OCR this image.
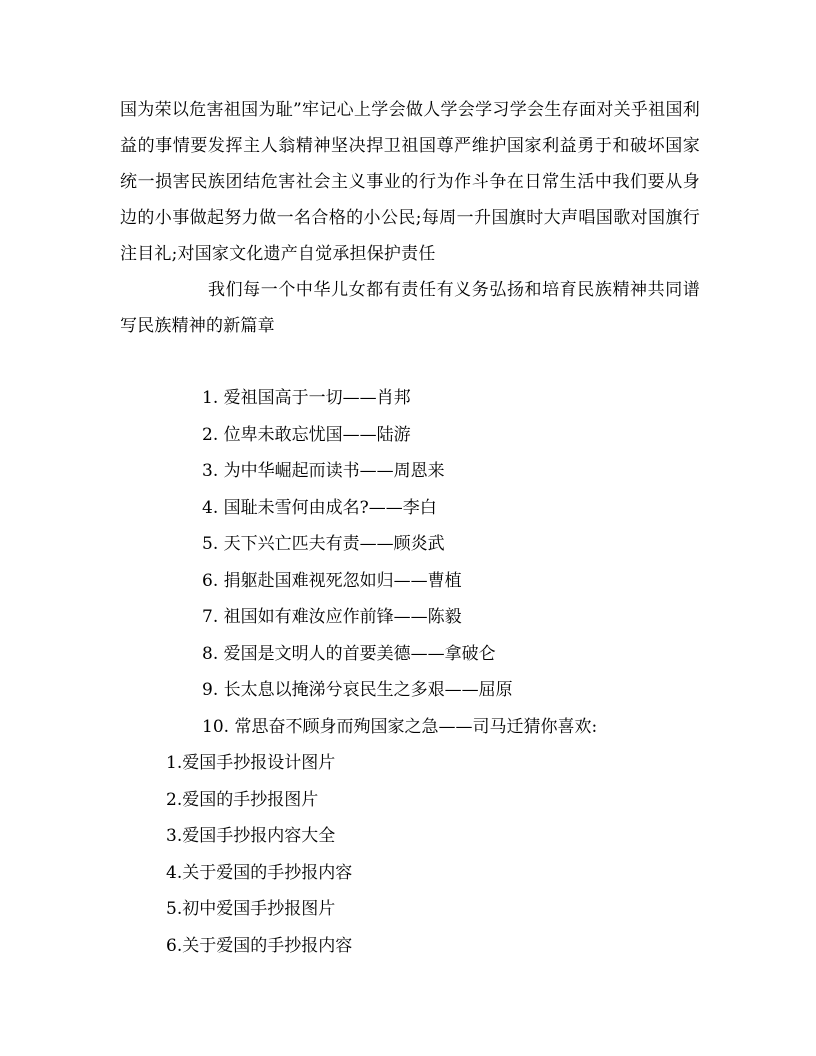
国为荣以危害祖国为耻”牢记心上学会做人学会学习学会生存面对关乎祖国利益的事情要发挥主人翁精神坚决捍卫祖国尊严维护国家利益勇于和破坏国家统一损害民族团结危害社会主义事业的行为作斗争在日常生活中我们要从身边的小事做起努力做一名合格的小公民;每周一升国旗时大声唱国歌对国旗行注目礼;对国家文化遗产自觉承担保护责任

我们每一个中华儿女都有责任有义务弘扬和培育民族精神共同谱写民族精神的新篇章

1. 爱祖国高于一切——肖邦
2. 位卑未敢忘忧国——陆游
3. 为中华崛起而读书——周恩来
4. 国耻未雪何由成名?——李白
5. 天下兴亡匹夫有责——顾炎武
6. 捐躯赴国难视死忽如归——曹植
7. 祖国如有难汝应作前锋——陈毅
8. 爱国是文明人的首要美德——拿破仑
9. 长太息以掩涕兮哀民生之多艰——屈原
10. 常思奋不顾身而殉国家之急——司马迁猜你喜欢:
1.爱国手抄报设计图片
2.爱国的手抄报图片
3.爱国手抄报内容大全
4.关于爱国的手抄报内容
5.初中爱国手抄报图片
6.关于爱国的手抄报内容
